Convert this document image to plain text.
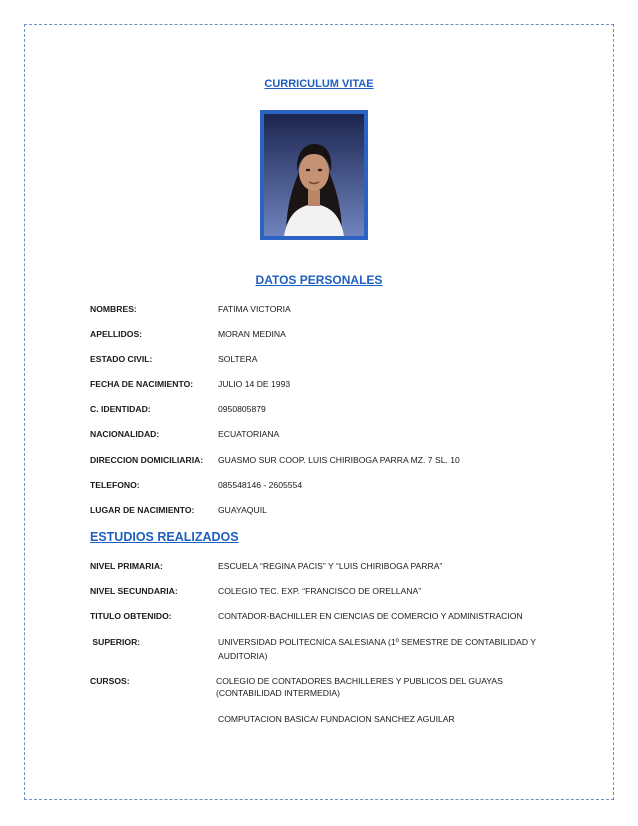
CURRICULUM VITAE
DATOS PERSONALES
NOMBRES:	FATIMA VICTORIA
APELLIDOS:	MORAN MEDINA
ESTADO CIVIL:	SOLTERA
FECHA DE NACIMIENTO:	JULIO 14 DE 1993
C. IDENTIDAD:	0950805879
NACIONALIDAD:	ECUATORIANA
DIRECCION DOMICILIARIA: GUASMO SUR COOP. LUIS CHIRIBOGA PARRA MZ. 7 SL. 10
TELEFONO:	085548146 - 2605554
LUGAR DE NACIMIENTO:	GUAYAQUIL
ESTUDIOS REALIZADOS
NIVEL PRIMARIA:	ESCUELA “REGINA PACIS” Y “LUIS CHIRIBOGA PARRA”
NIVEL SECUNDARIA:	COLEGIO TEC. EXP. “FRANCISCO DE ORELLANA”
TITULO OBTENIDO:	CONTADOR-BACHILLER EN CIENCIAS DE COMERCIO Y ADMINISTRACION
SUPERIOR:	UNIVERSIDAD POLITECNICA SALESIANA (1º SEMESTRE DE CONTABILIDAD Y
AUDITORIA)
CURSOS:	COLEGIO DE CONTADORES BACHILLERES Y PUBLICOS DEL GUAYAS
(CONTABILIDAD INTERMEDIA)
COMPUTACION BASICA/ FUNDACION SANCHEZ AGUILAR
